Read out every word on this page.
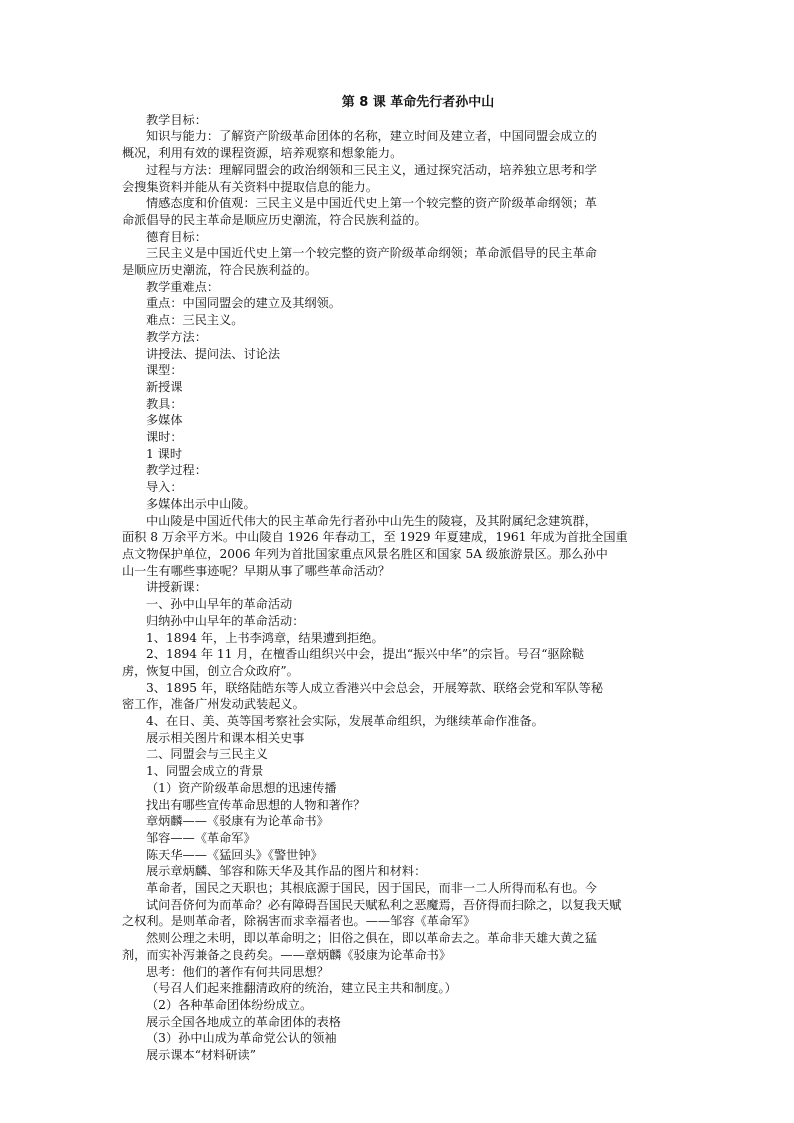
第 8 课 革命先行者孙中山
教学目标：
知识与能力：了解资产阶级革命团体的名称，建立时间及建立者，中国同盟会成立的
概况，利用有效的课程资源，培养观察和想象能力。
过程与方法：理解同盟会的政治纲领和三民主义，通过探究活动，培养独立思考和学
会搜集资料并能从有关资料中提取信息的能力。
情感态度和价值观：三民主义是中国近代史上第一个较完整的资产阶级革命纲领；革
命派倡导的民主革命是顺应历史潮流，符合民族利益的。
德育目标：
三民主义是中国近代史上第一个较完整的资产阶级革命纲领；革命派倡导的民主革命
是顺应历史潮流，符合民族利益的。
教学重难点：
重点：中国同盟会的建立及其纲领。
难点：三民主义。
教学方法：
讲授法、提问法、讨论法
课型：
新授课
教具：
多媒体
课时：
1 课时
教学过程：
导入：
多媒体出示中山陵。
中山陵是中国近代伟大的民主革命先行者孙中山先生的陵寝，及其附属纪念建筑群，
面积 8 万余平方米。中山陵自 1926 年春动工，至 1929 年夏建成，1961 年成为首批全国重
点文物保护单位，2006 年列为首批国家重点风景名胜区和国家 5A 级旅游景区。那么孙中
山一生有哪些事迹呢？早期从事了哪些革命活动？
讲授新课：
一、孙中山早年的革命活动
归纳孙中山早年的革命活动：
1、1894 年，上书李鸿章，结果遭到拒绝。
2、1894 年 11 月，在檀香山组织兴中会，提出“振兴中华”的宗旨。号召“驱除鞑
虏，恢复中国，创立合众政府”。
3、1895 年，联络陆皓东等人成立香港兴中会总会，开展筹款、联络会党和军队等秘
密工作，准备广州发动武装起义。
4、在日、美、英等国考察社会实际，发展革命组织，为继续革命作准备。
展示相关图片和课本相关史事
二、同盟会与三民主义
1、同盟会成立的背景
（1）资产阶级革命思想的迅速传播
找出有哪些宣传革命思想的人物和著作？
章炳麟——《驳康有为论革命书》
邹容——《革命军》
陈天华——《猛回头》《警世钟》
展示章炳麟、邹容和陈天华及其作品的图片和材料：
革命者，国民之天职也；其根底源于国民，因于国民，而非一二人所得而私有也。今
试问吾侪何为而革命？必有障碍吾国民天赋私利之恶魔焉，吾侪得而扫除之，以复我天赋
之权利。是则革命者，除祸害而求幸福者也。——邹容《革命军》
然则公理之未明，即以革命明之；旧俗之俱在，即以革命去之。革命非天雄大黄之猛
剂，而实补泻兼备之良药矣。——章炳麟《驳康为论革命书》
思考：他们的著作有何共同思想？
（号召人们起来推翻清政府的统治，建立民主共和制度。）
（2）各种革命团体纷纷成立。
展示全国各地成立的革命团体的表格
（3）孙中山成为革命党公认的领袖
展示课本“材料研读”
